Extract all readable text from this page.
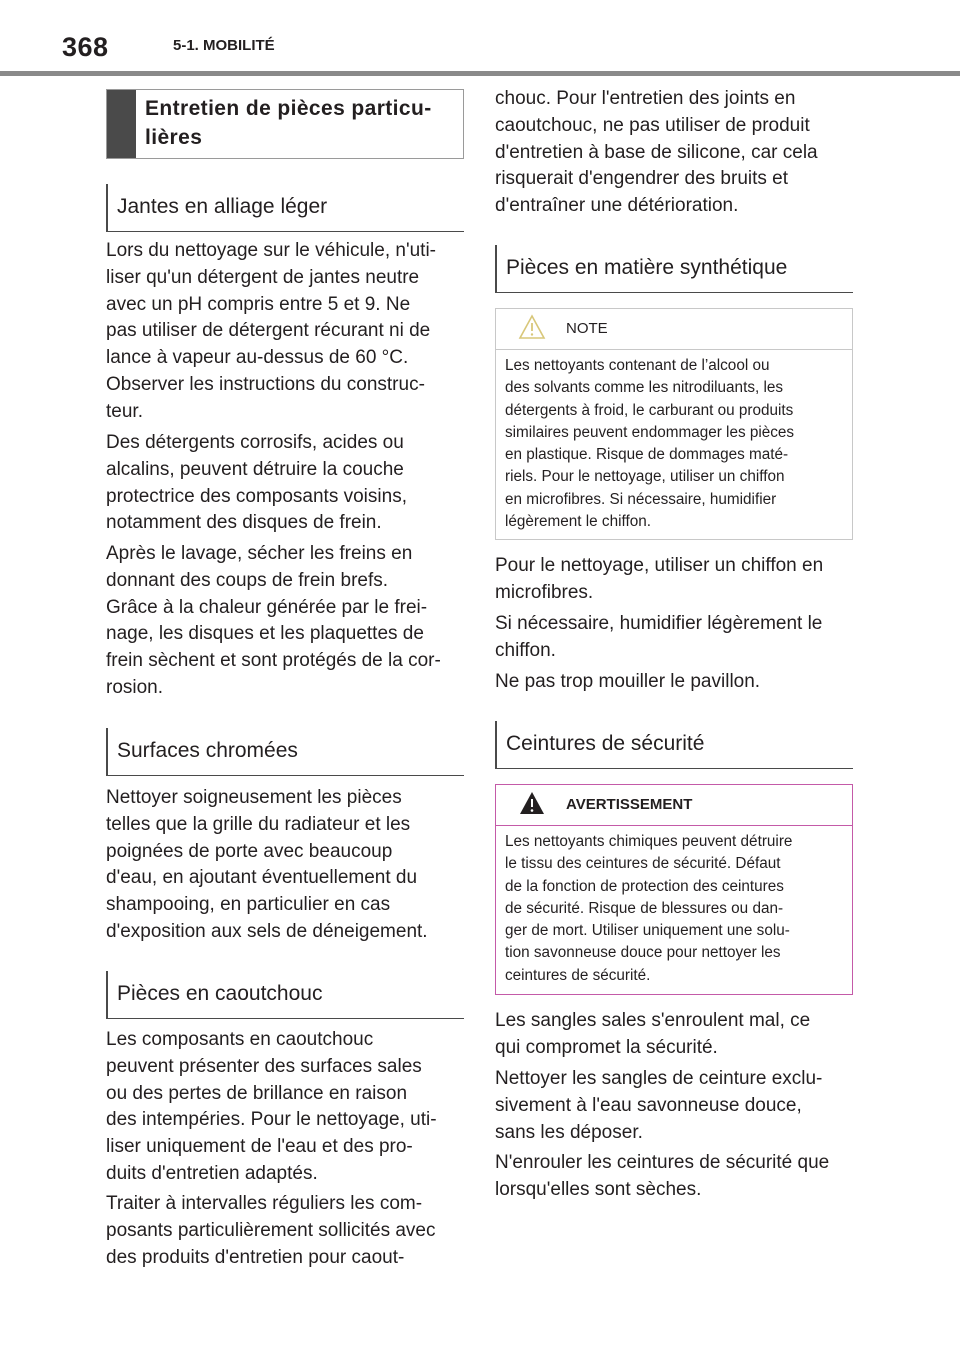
368	5-1. MOBILITÉ
Entretien de pièces particu-
lières
Jantes en alliage léger

Lors du nettoyage sur le véhicule, n'uti-
liser qu'un détergent de jantes neutre
avec un pH compris entre 5 et 9. Ne
pas utiliser de détergent récurant ni de
lance à vapeur au-dessus de 60 °C.
Observer les instructions du construc-
teur.

Des détergents corrosifs, acides ou
alcalins, peuvent détruire la couche
protectrice des composants voisins,
notamment des disques de frein.

Après le lavage, sécher les freins en
donnant des coups de frein brefs.
Grâce à la chaleur générée par le frei-
nage, les disques et les plaquettes de
frein sèchent et sont protégés de la cor-
rosion.

Surfaces chromées

Nettoyer soigneusement les pièces
telles que la grille du radiateur et les
poignées de porte avec beaucoup
d'eau, en ajoutant éventuellement du
shampooing, en particulier en cas
d'exposition aux sels de déneigement.

Pièces en caoutchouc

Les composants en caoutchouc
peuvent présenter des surfaces sales
ou des pertes de brillance en raison
des intempéries. Pour le nettoyage, uti-
liser uniquement de l'eau et des pro-
duits d'entretien adaptés.

Traiter à intervalles réguliers les com-
posants particulièrement sollicités avec
des produits d'entretien pour caout-

chouc. Pour l'entretien des joints en
caoutchouc, ne pas utiliser de produit
d'entretien à base de silicone, car cela
risquerait d'engendrer des bruits et
d'entraîner une détérioration.

Pièces en matière synthétique
NOTE

Les nettoyants contenant de l’alcool ou
des solvants comme les nitrodiluants, les
détergents à froid, le carburant ou produits
similaires peuvent endommager les pièces
en plastique. Risque de dommages maté-
riels. Pour le nettoyage, utiliser un chiffon
en microfibres. Si nécessaire, humidifier
légèrement le chiffon.

Pour le nettoyage, utiliser un chiffon en
microfibres.

Si nécessaire, humidifier légèrement le
chiffon.

Ne pas trop mouiller le pavillon.

Ceintures de sécurité
AVERTISSEMENT

Les nettoyants chimiques peuvent détruire
le tissu des ceintures de sécurité. Défaut
de la fonction de protection des ceintures
de sécurité. Risque de blessures ou dan-
ger de mort. Utiliser uniquement une solu-
tion savonneuse douce pour nettoyer les
ceintures de sécurité.

Les sangles sales s'enroulent mal, ce
qui compromet la sécurité.

Nettoyer les sangles de ceinture exclu-
sivement à l'eau savonneuse douce,
sans les déposer.

N'enrouler les ceintures de sécurité que
lorsqu'elles sont sèches.
